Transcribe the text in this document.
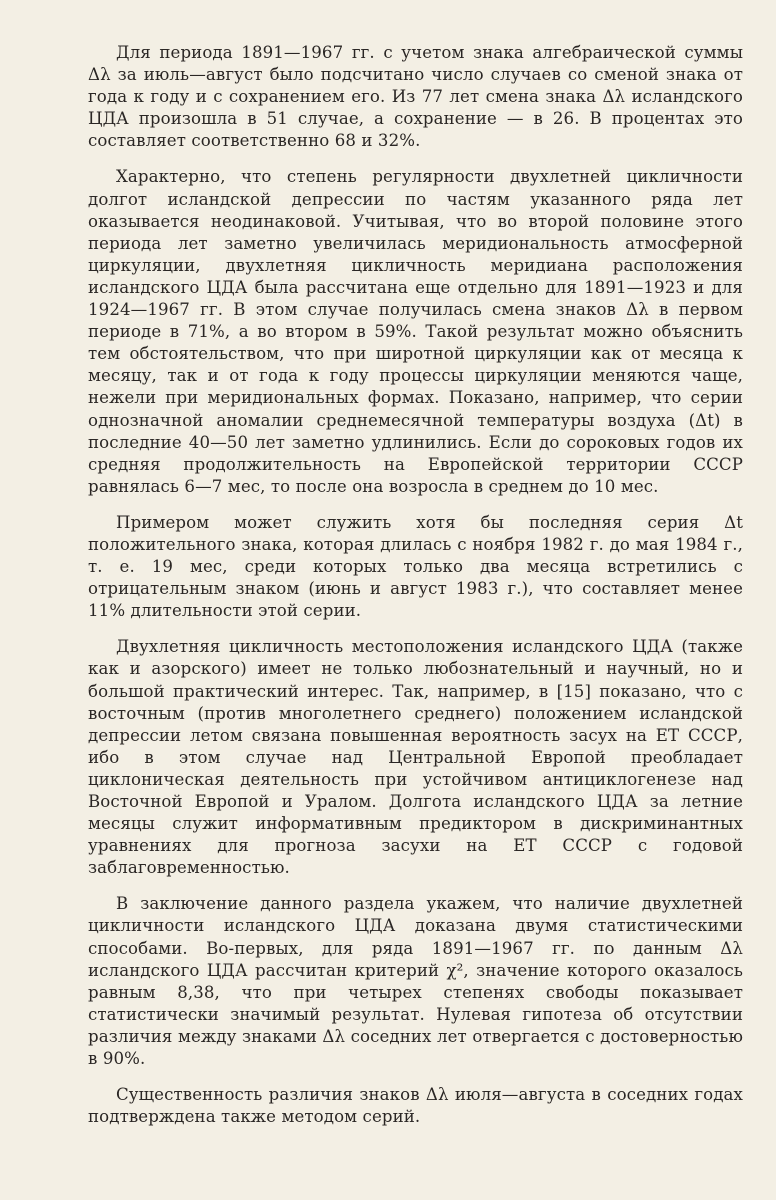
Для периода 1891—1967 гг. с учетом знака алгебраической суммы Δλ за июль—август было подсчитано число случаев со сменой знака от года к году и с сохранением его. Из 77 лет смена знака Δλ исландского ЦДА произошла в 51 случае, а сохранение — в 26. В процентах это составляет соответственно 68 и 32%.

Характерно, что степень регулярности двухлетней цикличности долгот исландской депрессии по частям указанного ряда лет оказывается неодинаковой. Учитывая, что во второй половине этого периода лет заметно увеличилась меридиональность атмосферной циркуляции, двухлетняя цикличность меридиана расположения исландского ЦДА была рассчитана еще отдельно для 1891—1923 и для 1924—1967 гг. В этом случае получилась смена знаков Δλ в первом периоде в 71%, а во втором в 59%. Такой результат можно объяснить тем обстоятельством, что при широтной циркуляции как от месяца к месяцу, так и от года к году процессы циркуляции меняются чаще, нежели при меридиональных формах. Показано, например, что серии однозначной аномалии среднемесячной температуры воздуха (Δt) в последние 40—50 лет заметно удлинились. Если до сороковых годов их средняя продолжительность на Европейской территории СССР равнялась 6—7 мес, то после она возросла в среднем до 10 мес.

Примером может служить хотя бы последняя серия Δt положительного знака, которая длилась с ноября 1982 г. до мая 1984 г., т. е. 19 мес, среди которых только два месяца встретились с отрицательным знаком (июнь и август 1983 г.), что составляет менее 11% длительности этой серии.

Двухлетняя цикличность местоположения исландского ЦДА (также как и азорского) имеет не только любознательный и научный, но и большой практический интерес. Так, например, в [15] показано, что с восточным (против многолетнего среднего) положением исландской депрессии летом связана повышенная вероятность засух на ЕТ СССР, ибо в этом случае над Центральной Европой преобладает циклоническая деятельность при устойчивом антициклогенезе над Восточной Европой и Уралом. Долгота исландского ЦДА за летние месяцы служит информативным предиктором в дискриминантных уравнениях для прогноза засухи на ЕТ СССР с годовой заблаговременностью.

В заключение данного раздела укажем, что наличие двухлетней цикличности исландского ЦДА доказана двумя статистическими способами. Во-первых, для ряда 1891—1967 гг. по данным Δλ исландского ЦДА рассчитан критерий χ², значение которого оказалось равным 8,38, что при четырех степенях свободы показывает статистически значимый результат. Нулевая гипотеза об отсутствии различия между знаками Δλ соседних лет отвергается с достоверностью в 90%.

Существенность различия знаков Δλ июля—августа в соседних годах подтверждена также методом серий.
